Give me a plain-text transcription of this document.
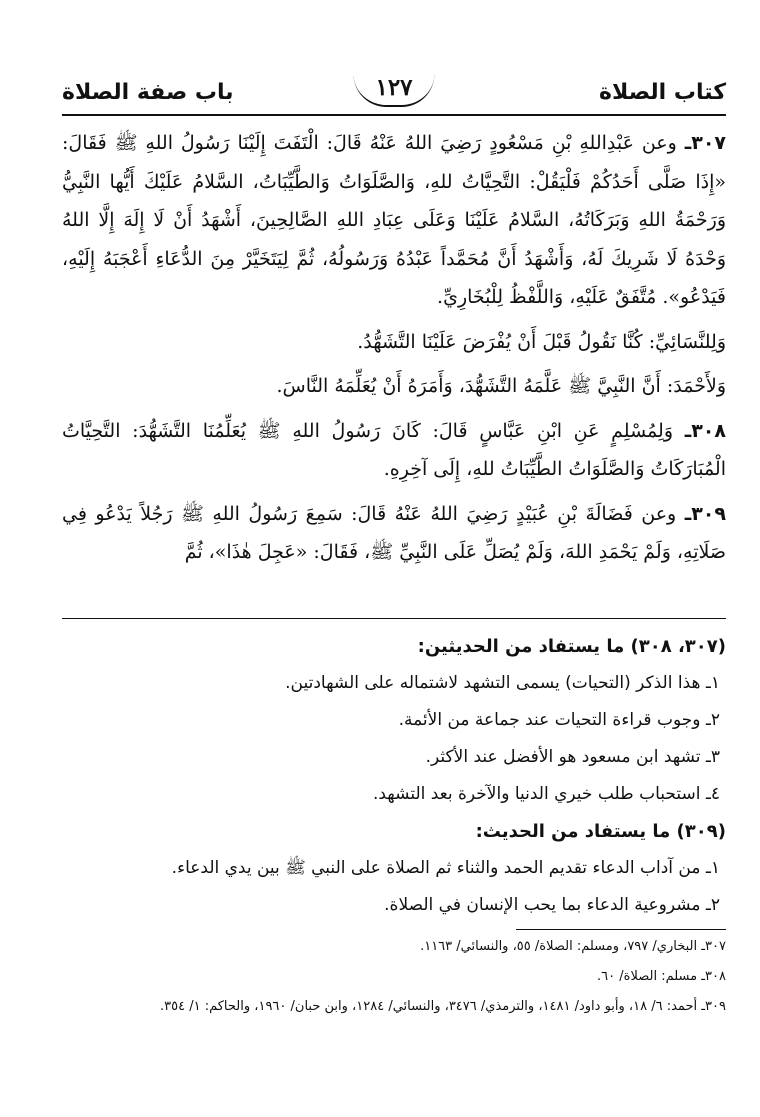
كتاب الصلاة
١٢٧
باب صفة الصلاة

٣٠٧ـ وعن عَبْدِاللهِ بْنِ مَسْعُودٍ رَضِيَ اللهُ عَنْهُ قَالَ: الْتَفَتَ إِلَيْنَا رَسُولُ اللهِ ﷺ فَقَالَ: «إِذَا صَلَّى أَحَدُكُمْ فَلْيَقُلْ: التَّحِيَّاتُ للهِ، وَالصَّلَوَاتُ وَالطَّيِّبَاتُ، السَّلامُ عَلَيْكَ أَيُّها النَّبِيُّ وَرَحْمَةُ اللهِ وَبَرَكَاتُهُ، السَّلامُ عَلَيْنَا وَعَلَى عِبَادِ اللهِ الصَّالِحِينَ، أَشْهَدُ أَنْ لَا إِلَهَ إِلَّا اللهُ وَحْدَهُ لَا شَرِيكَ لَهُ، وَأَشْهَدُ أَنَّ مُحَمَّداً عَبْدُهُ وَرَسُولُهُ، ثُمَّ لِيَتَخَيَّرْ مِنَ الدُّعَاءِ أَعْجَبَهُ إِلَيْهِ، فَيَدْعُو». مُتَّفَقٌ عَلَيْهِ، وَاللَّفْظُ لِلْبُخَارِيِّ.

وَلِلنَّسَائِيِّ: كُنَّا نَقُولُ قَبْلَ أَنْ يُفْرَضَ عَلَيْنَا التَّشَهُّدُ.

وَلأَحْمَدَ: أَنَّ النَّبِيَّ ﷺ عَلَّمَهُ التَّشَهُّدَ، وَأَمَرَهُ أَنْ يُعَلِّمَهُ النَّاسَ.

٣٠٨ـ وَلِمُسْلِمٍ عَنِ ابْنِ عَبَّاسٍ قَالَ: كَانَ رَسُولُ اللهِ ﷺ يُعَلِّمُنَا التَّشَهُّدَ: التَّحِيَّاتُ الْمُبَارَكَاتُ وَالصَّلَوَاتُ الطَّيِّبَاتُ للهِ، إِلَى آخِرِهِ.

٣٠٩ـ وعن فَضَالَةَ بْنِ عُبَيْدٍ رَضِيَ اللهُ عَنْهُ قَالَ: سَمِعَ رَسُولُ اللهِ ﷺ رَجُلاً يَدْعُو فِي صَلَاتِهِ، وَلَمْ يَحْمَدِ اللهَ، وَلَمْ يُصَلِّ عَلَى النَّبِيِّ ﷺ، فَقَالَ: «عَجِلَ هٰذَا»، ثُمَّ

(٣٠٧، ٣٠٨) ما يستفاد من الحديثين:
١ـ هذا الذكر (التحيات) يسمى التشهد لاشتماله على الشهادتين.
٢ـ وجوب قراءة التحيات عند جماعة من الأئمة.
٣ـ تشهد ابن مسعود هو الأفضل عند الأكثر.
٤ـ استحباب طلب خيري الدنيا والآخرة بعد التشهد.
(٣٠٩) ما يستفاد من الحديث:
١ـ من آداب الدعاء تقديم الحمد والثناء ثم الصلاة على النبي ﷺ بين يدي الدعاء.
٢ـ مشروعية الدعاء بما يحب الإنسان في الصلاة.

٣٠٧ـ البخاري/ ٧٩٧، ومسلم: الصلاة/ ٥٥، والنسائي/ ١١٦٣.

٣٠٨ـ مسلم: الصلاة/ ٦٠.

٣٠٩ـ أحمد: ٦/ ١٨، وأبو داود/ ١٤٨١، والترمذي/ ٣٤٧٦، والنسائي/ ١٢٨٤، وابن حبان/ ١٩٦٠، والحاكم: ١/ ٣٥٤.
